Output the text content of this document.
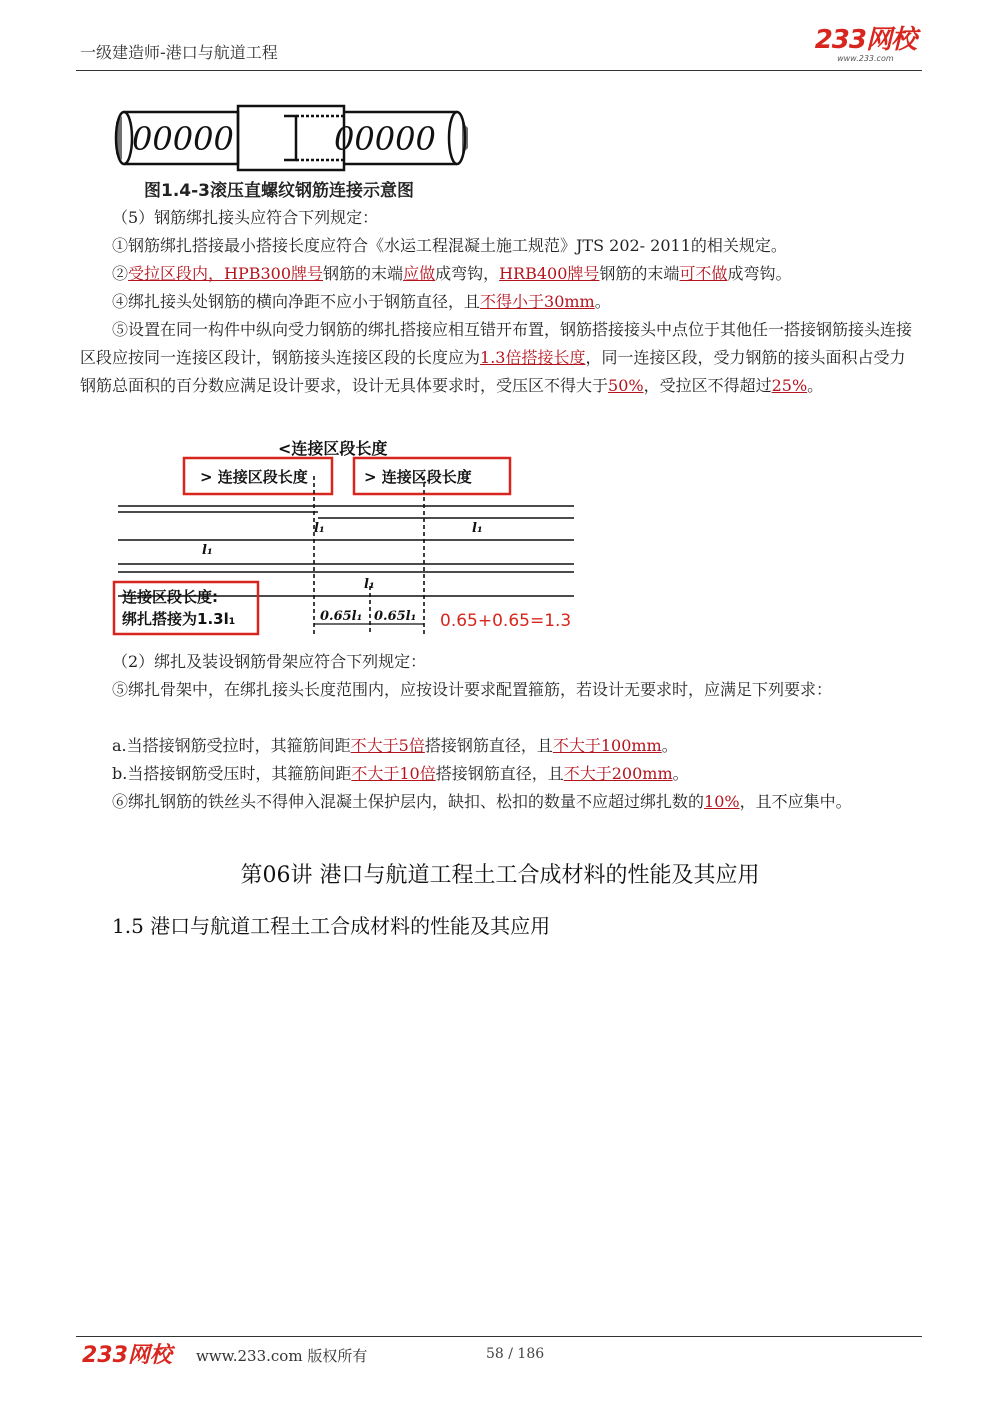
一级建造师-港口与航道工程	233网校
www.233.com
00000	00000
图1.4-3滚压直螺纹钢筋连接示意图
（5）钢筋绑扎接头应符合下列规定：
①钢筋绑扎搭接最小搭接长度应符合《水运工程混凝土施工规范》JTS 202- 2011的相关规定。
②受拉区段内，HPB300牌号钢筋的末端应做成弯钩，HRB400牌号钢筋的末端可不做成弯钩。
④绑扎接头处钢筋的横向净距不应小于钢筋直径，且不得小于30mm。
⑤设置在同一构件中纵向受力钢筋的绑扎搭接应相互错开布置，钢筋搭接接头中点位于其他任一搭接钢筋接头连接区段应按同一连接区段计，钢筋接头连接区段的长度应为1.3倍搭接长度，同一连接区段，受力钢筋的接头面积占受力钢筋总面积的百分数应满足设计要求，设计无具体要求时，受压区不得大于50%，受拉区不得超过25%。
<连接区段长度
> 连接区段长度	> 连接区段长度
l₁	l₁
l₁
l₁
连接区段长度:
绑扎搭接为1.3l₁	0.65l₁ 0.65l₁ 0.65+0.65=1.3
（2）绑扎及装设钢筋骨架应符合下列规定：
⑤绑扎骨架中，在绑扎接头长度范围内，应按设计要求配置箍筋，若设计无要求时，应满足下列要求：
a.当搭接钢筋受拉时，其箍筋间距不大于5倍搭接钢筋直径，且不大于100mm。
b.当搭接钢筋受压时，其箍筋间距不大于10倍搭接钢筋直径，且不大于200mm。
⑥绑扎钢筋的铁丝头不得伸入混凝土保护层内，缺扣、松扣的数量不应超过绑扎数的10%，且不应集中。
第06讲 港口与航道工程土工合成材料的性能及其应用
1.5 港口与航道工程土工合成材料的性能及其应用
233网校 www.233.com 版权所有	58 / 186
